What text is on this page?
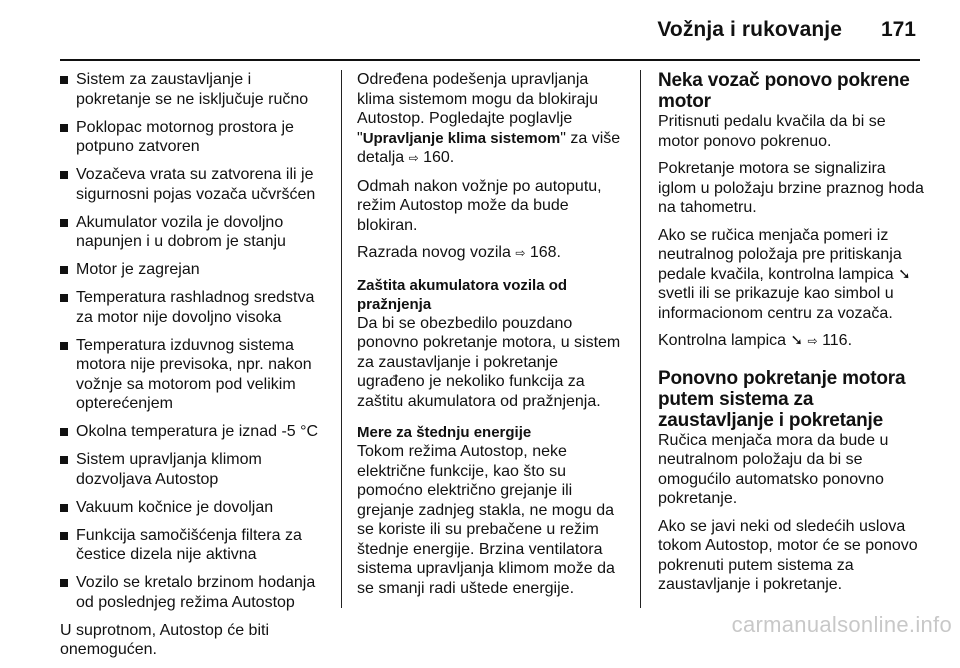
Vožnja i rukovanje 171
Sistem za zaustavljanje i pokretanje se ne isključuje ručno
Poklopac motornog prostora je potpuno zatvoren
Vozačeva vrata su zatvorena ili je sigurnosni pojas vozača učvršćen
Akumulator vozila je dovoljno napunjen i u dobrom je stanju
Motor je zagrejan
Temperatura rashladnog sredstva za motor nije dovoljno visoka
Temperatura izduvnog sistema motora nije previsoka, npr. nakon vožnje sa motorom pod velikim opterećenjem
Okolna temperatura je iznad -5 °C
Sistem upravljanja klimom dozvoljava Autostop
Vakuum kočnice je dovoljan
Funkcija samočišćenja filtera za čestice dizela nije aktivna
Vozilo se kretalo brzinom hodanja od poslednjeg režima Autostop

U suprotnom, Autostop će biti onemogućen.

Određena podešenja upravljanja klima sistemom mogu da blokiraju Autostop. Pogledajte poglavlje "Upravljanje klima sistemom" za više detalja ⇨ 160.

Odmah nakon vožnje po autoputu, režim Autostop može da bude blokiran.

Razrada novog vozila ⇨ 168.

Zaštita akumulatora vozila od pražnjenja

Da bi se obezbedilo pouzdano ponovno pokretanje motora, u sistem za zaustavljanje i pokretanje ugrađeno je nekoliko funkcija za zaštitu akumulatora od pražnjenja.

Mere za štednju energije

Tokom režima Autostop, neke električne funkcije, kao što su pomoćno električno grejanje ili grejanje zadnjeg stakla, ne mogu da se koriste ili su prebačene u režim štednje energije. Brzina ventilatora sistema upravljanja klimom može da se smanji radi uštede energije.

Neka vozač ponovo pokrene motor

Pritisnuti pedalu kvačila da bi se motor ponovo pokrenuo.

Pokretanje motora se signalizira iglom u položaju brzine praznog hoda na tahometru.

Ako se ručica menjača pomeri iz neutralnog položaja pre pritiskanja pedale kvačila, kontrolna lampica ➘ svetli ili se prikazuje kao simbol u informacionom centru za vozača.

Kontrolna lampica ➘ ⇨ 116.

Ponovno pokretanje motora putem sistema za zaustavljanje i pokretanje

Ručica menjača mora da bude u neutralnom položaju da bi se omogućilo automatsko ponovno pokretanje.

Ako se javi neki od sledećih uslova tokom Autostop, motor će se ponovo pokrenuti putem sistema za zaustavljanje i pokretanje.

carmanualsonline.info
